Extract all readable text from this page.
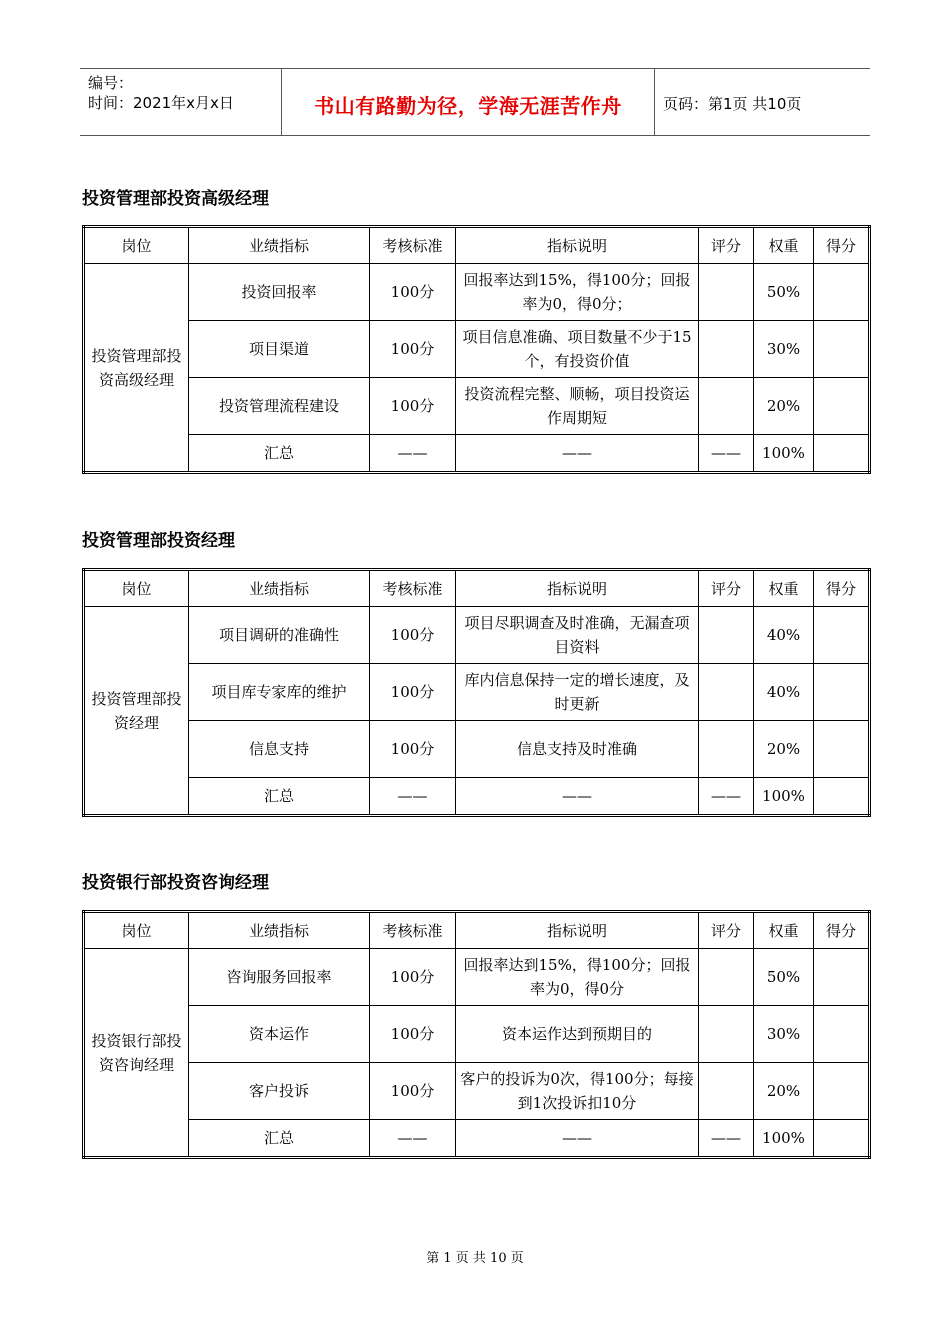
编号：
时间：2021年x月x日	书山有路勤为径，学海无涯苦作舟	页码：第1页 共10页
投资管理部投资高级经理
岗位	业绩指标	考核标准	指标说明	评分	权重	得分
投资管理部投资高级经理	投资回报率	100分	回报率达到15%，得100分；回报率为0，得0分；		50%	
	项目渠道	100分	项目信息准确、项目数量不少于15个，有投资价值		30%	
	投资管理流程建设	100分	投资流程完整、顺畅，项目投资运作周期短		20%	
	汇总	——	——	——	100%	
投资管理部投资经理
岗位	业绩指标	考核标准	指标说明	评分	权重	得分
投资管理部投资经理	项目调研的准确性	100分	项目尽职调查及时准确，无漏查项目资料		40%	
	项目库专家库的维护	100分	库内信息保持一定的增长速度，及时更新		40%	
	信息支持	100分	信息支持及时准确		20%	
	汇总	——	——	——	100%	
投资银行部投资咨询经理
岗位	业绩指标	考核标准	指标说明	评分	权重	得分
投资银行部投资咨询经理	咨询服务回报率	100分	回报率达到15%，得100分；回报率为0，得0分		50%	
	资本运作	100分	资本运作达到预期目的		30%	
	客户投诉	100分	客户的投诉为0次，得100分；每接到1次投诉扣10分		20%	
	汇总	——	——	——	100%	
第 1 页 共 10 页
